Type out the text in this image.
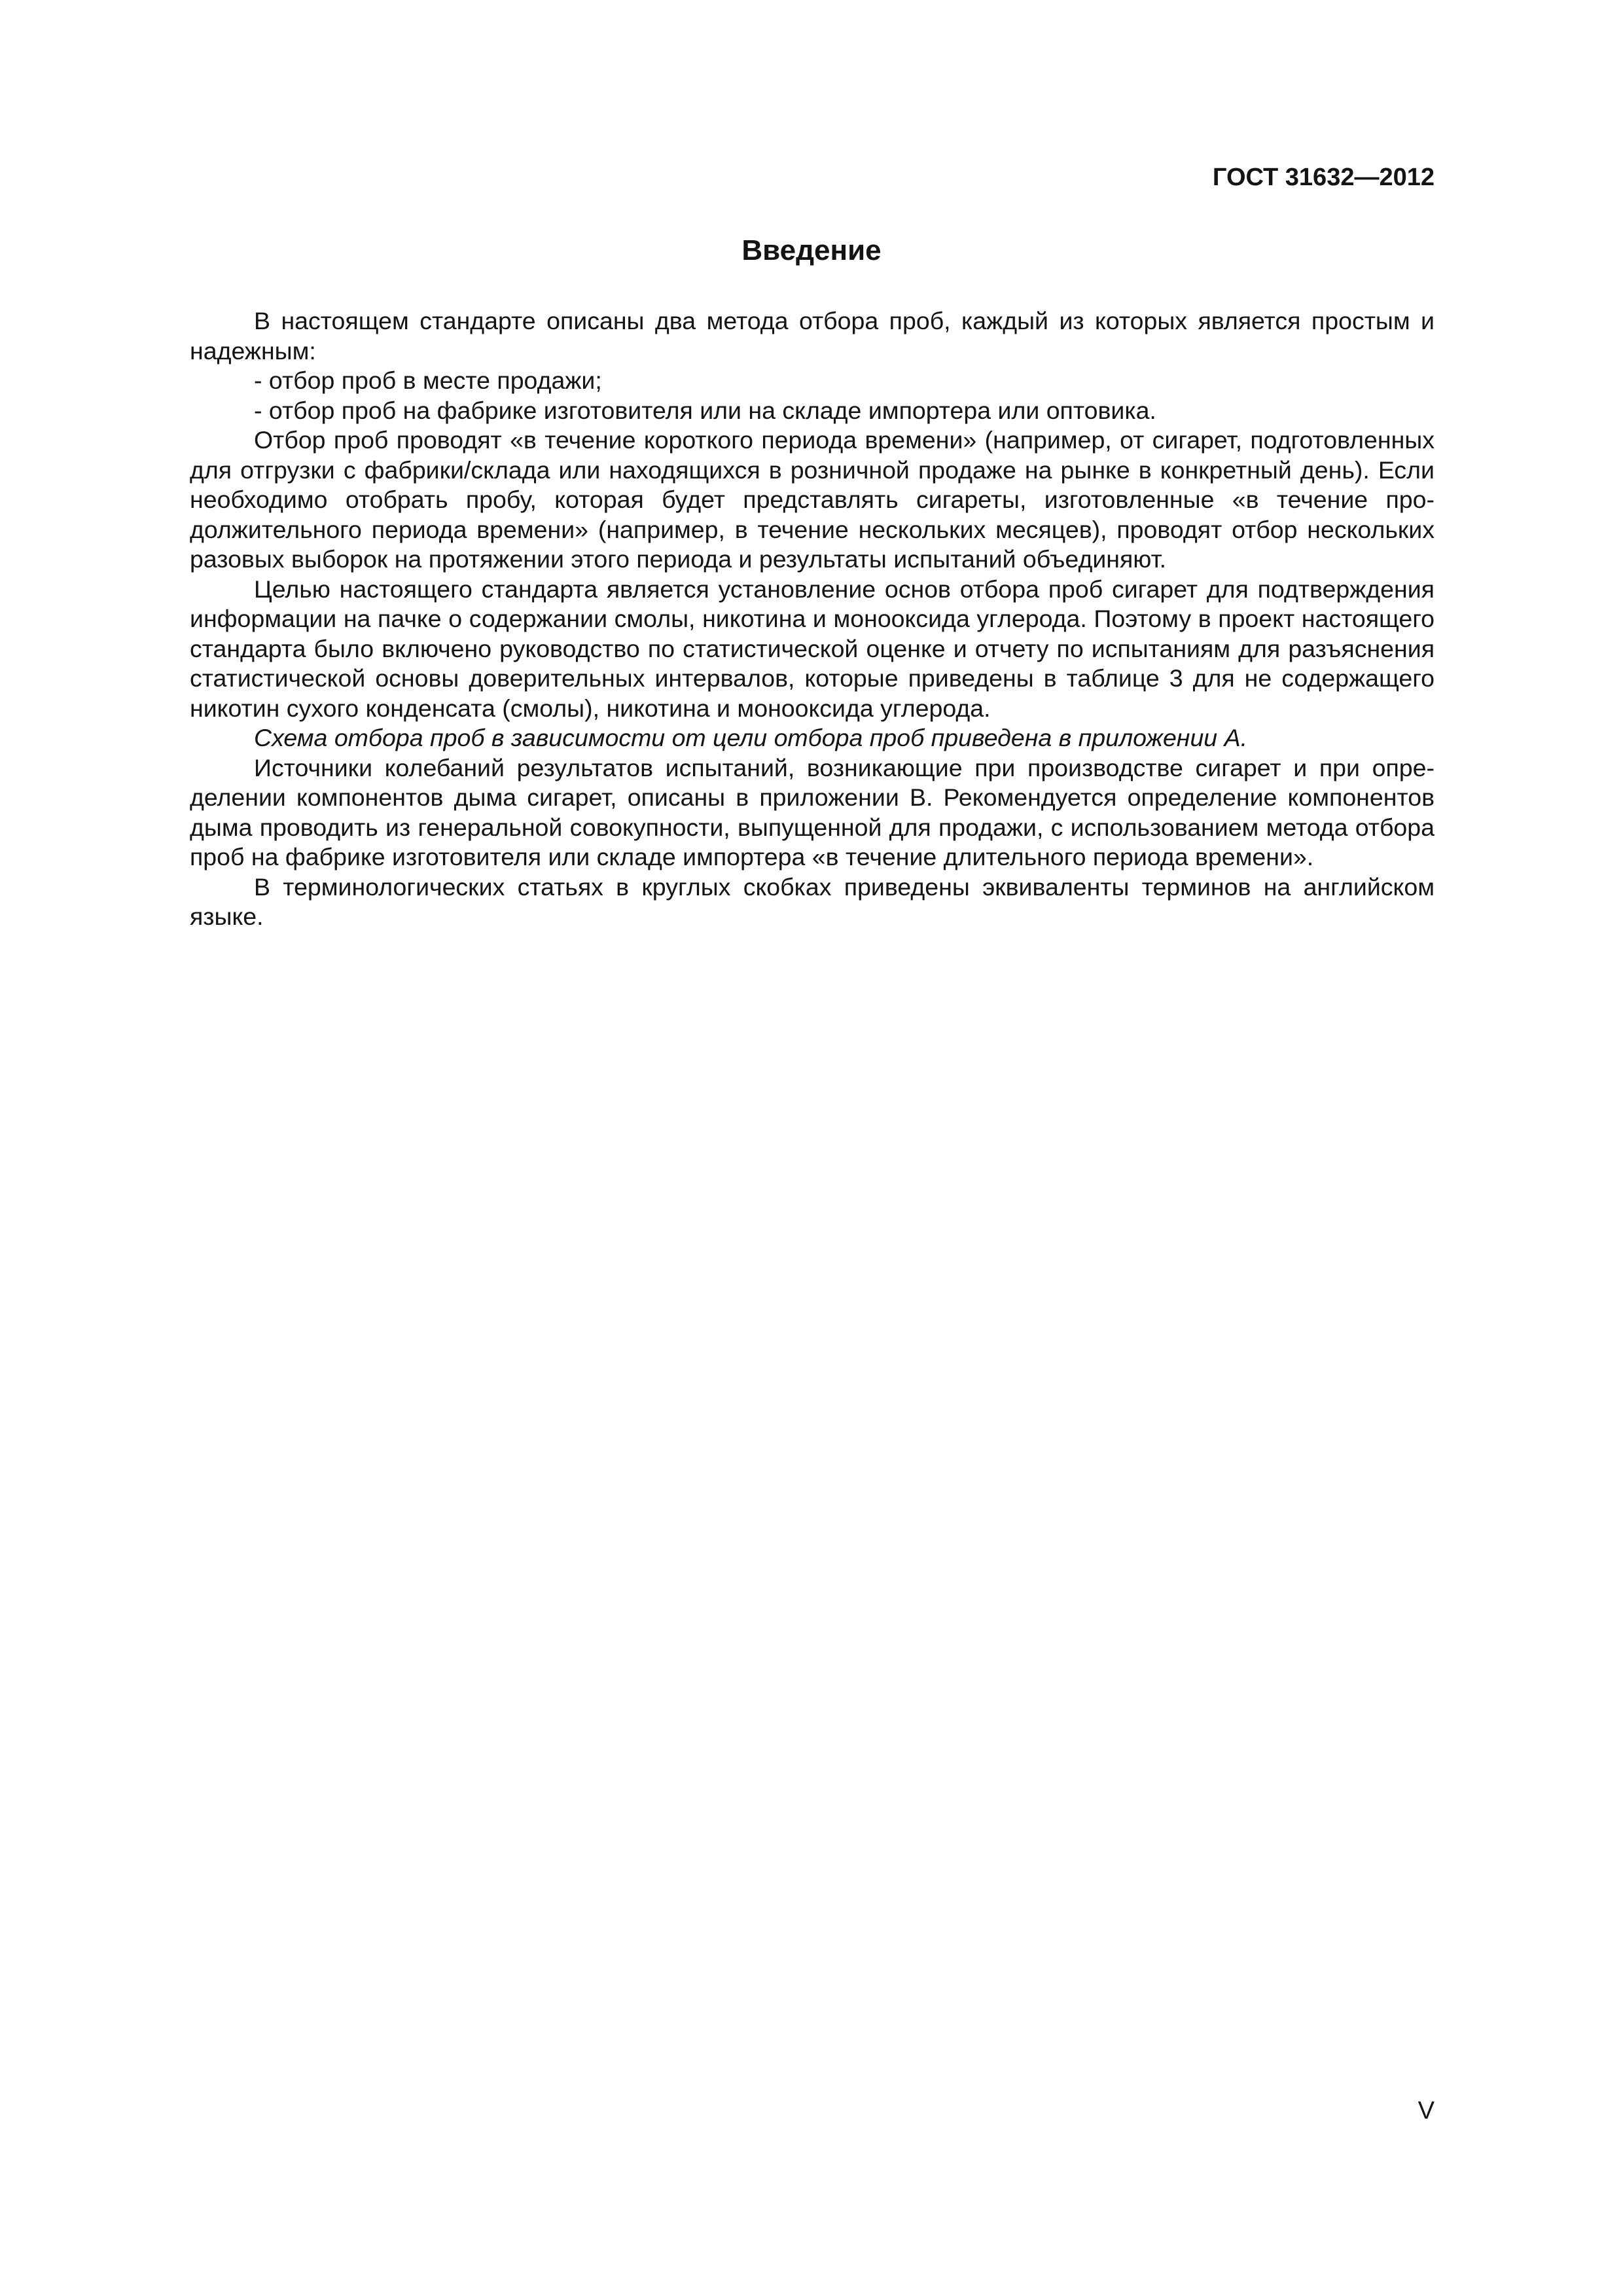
ГОСТ 31632—2012
Введение

В настоящем стандарте описаны два метода отбора проб, каждый из которых является простым и надежным:

- отбор проб в месте продажи;

- отбор проб на фабрике изготовителя или на складе импортера или оптовика.

Отбор проб проводят «в течение короткого периода времени» (например, от сигарет, подготовленных для отгрузки с фабрики/склада или находящихся в розничной продаже на рынке в конкретный день). Если необходимо отобрать пробу, которая будет представлять сигареты, изготовленные «в течение продолжительного периода времени» (например, в течение нескольких месяцев), проводят отбор нескольких разовых выборок на протяжении этого периода и результаты испытаний объединяют.

Целью настоящего стандарта является установление основ отбора проб сигарет для подтверждения информации на пачке о содержании смолы, никотина и монооксида углерода. Поэтому в проект настоящего стандарта было включено руководство по статистической оценке и отчету по испытаниям для разъяснения статистической основы доверительных интервалов, которые приведены в таблице 3 для не содержащего никотин сухого конденсата (смолы), никотина и монооксида углерода.

Схема отбора проб в зависимости от цели отбора проб приведена в приложении А.

Источники колебаний результатов испытаний, возникающие при производстве сигарет и при определении компонентов дыма сигарет, описаны в приложении В. Рекомендуется определение компонентов дыма проводить из генеральной совокупности, выпущенной для продажи, с использованием метода отбора проб на фабрике изготовителя или складе импортера «в течение длительного периода времени».

В терминологических статьях в круглых скобках приведены эквиваленты терминов на английском языке.

V
